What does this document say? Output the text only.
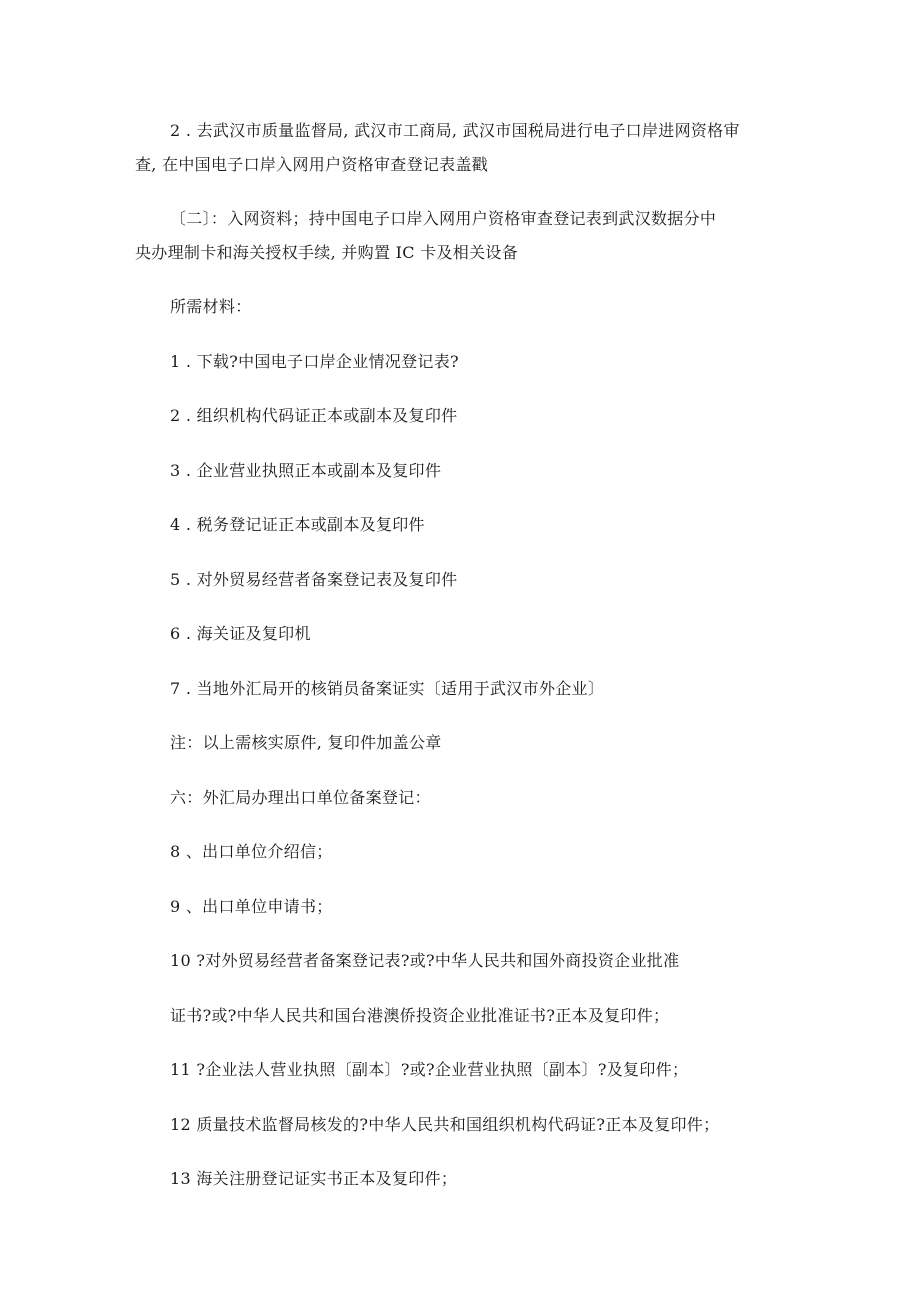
2 . 去武汉市质量监督局, 武汉市工商局, 武汉市国税局进行电子口岸进网资格审
查, 在中国电子口岸入网用户资格审查登记表盖戳
〔二〕：入网资料；持中国电子口岸入网用户资格审查登记表到武汉数据分中
央办理制卡和海关授权手续, 并购置 IC 卡及相关设备
所需材料：
1 . 下载?中国电子口岸企业情况登记表?
2 . 组织机构代码证正本或副本及复印件
3 . 企业营业执照正本或副本及复印件
4 . 税务登记证正本或副本及复印件
5 . 对外贸易经营者备案登记表及复印件
6 . 海关证及复印机
7 . 当地外汇局开的核销员备案证实〔适用于武汉市外企业〕
注：以上需核实原件, 复印件加盖公章
六：外汇局办理出口单位备案登记：
8 、出口单位介绍信；
9 、出口单位申请书；
10 ?对外贸易经营者备案登记表?或?中华人民共和国外商投资企业批准
证书?或?中华人民共和国台港澳侨投资企业批准证书?正本及复印件；
11 ?企业法人营业执照〔副本〕?或?企业营业执照〔副本〕?及复印件；
12 质量技术监督局核发的?中华人民共和国组织机构代码证?正本及复印件；
13 海关注册登记证实书正本及复印件；
